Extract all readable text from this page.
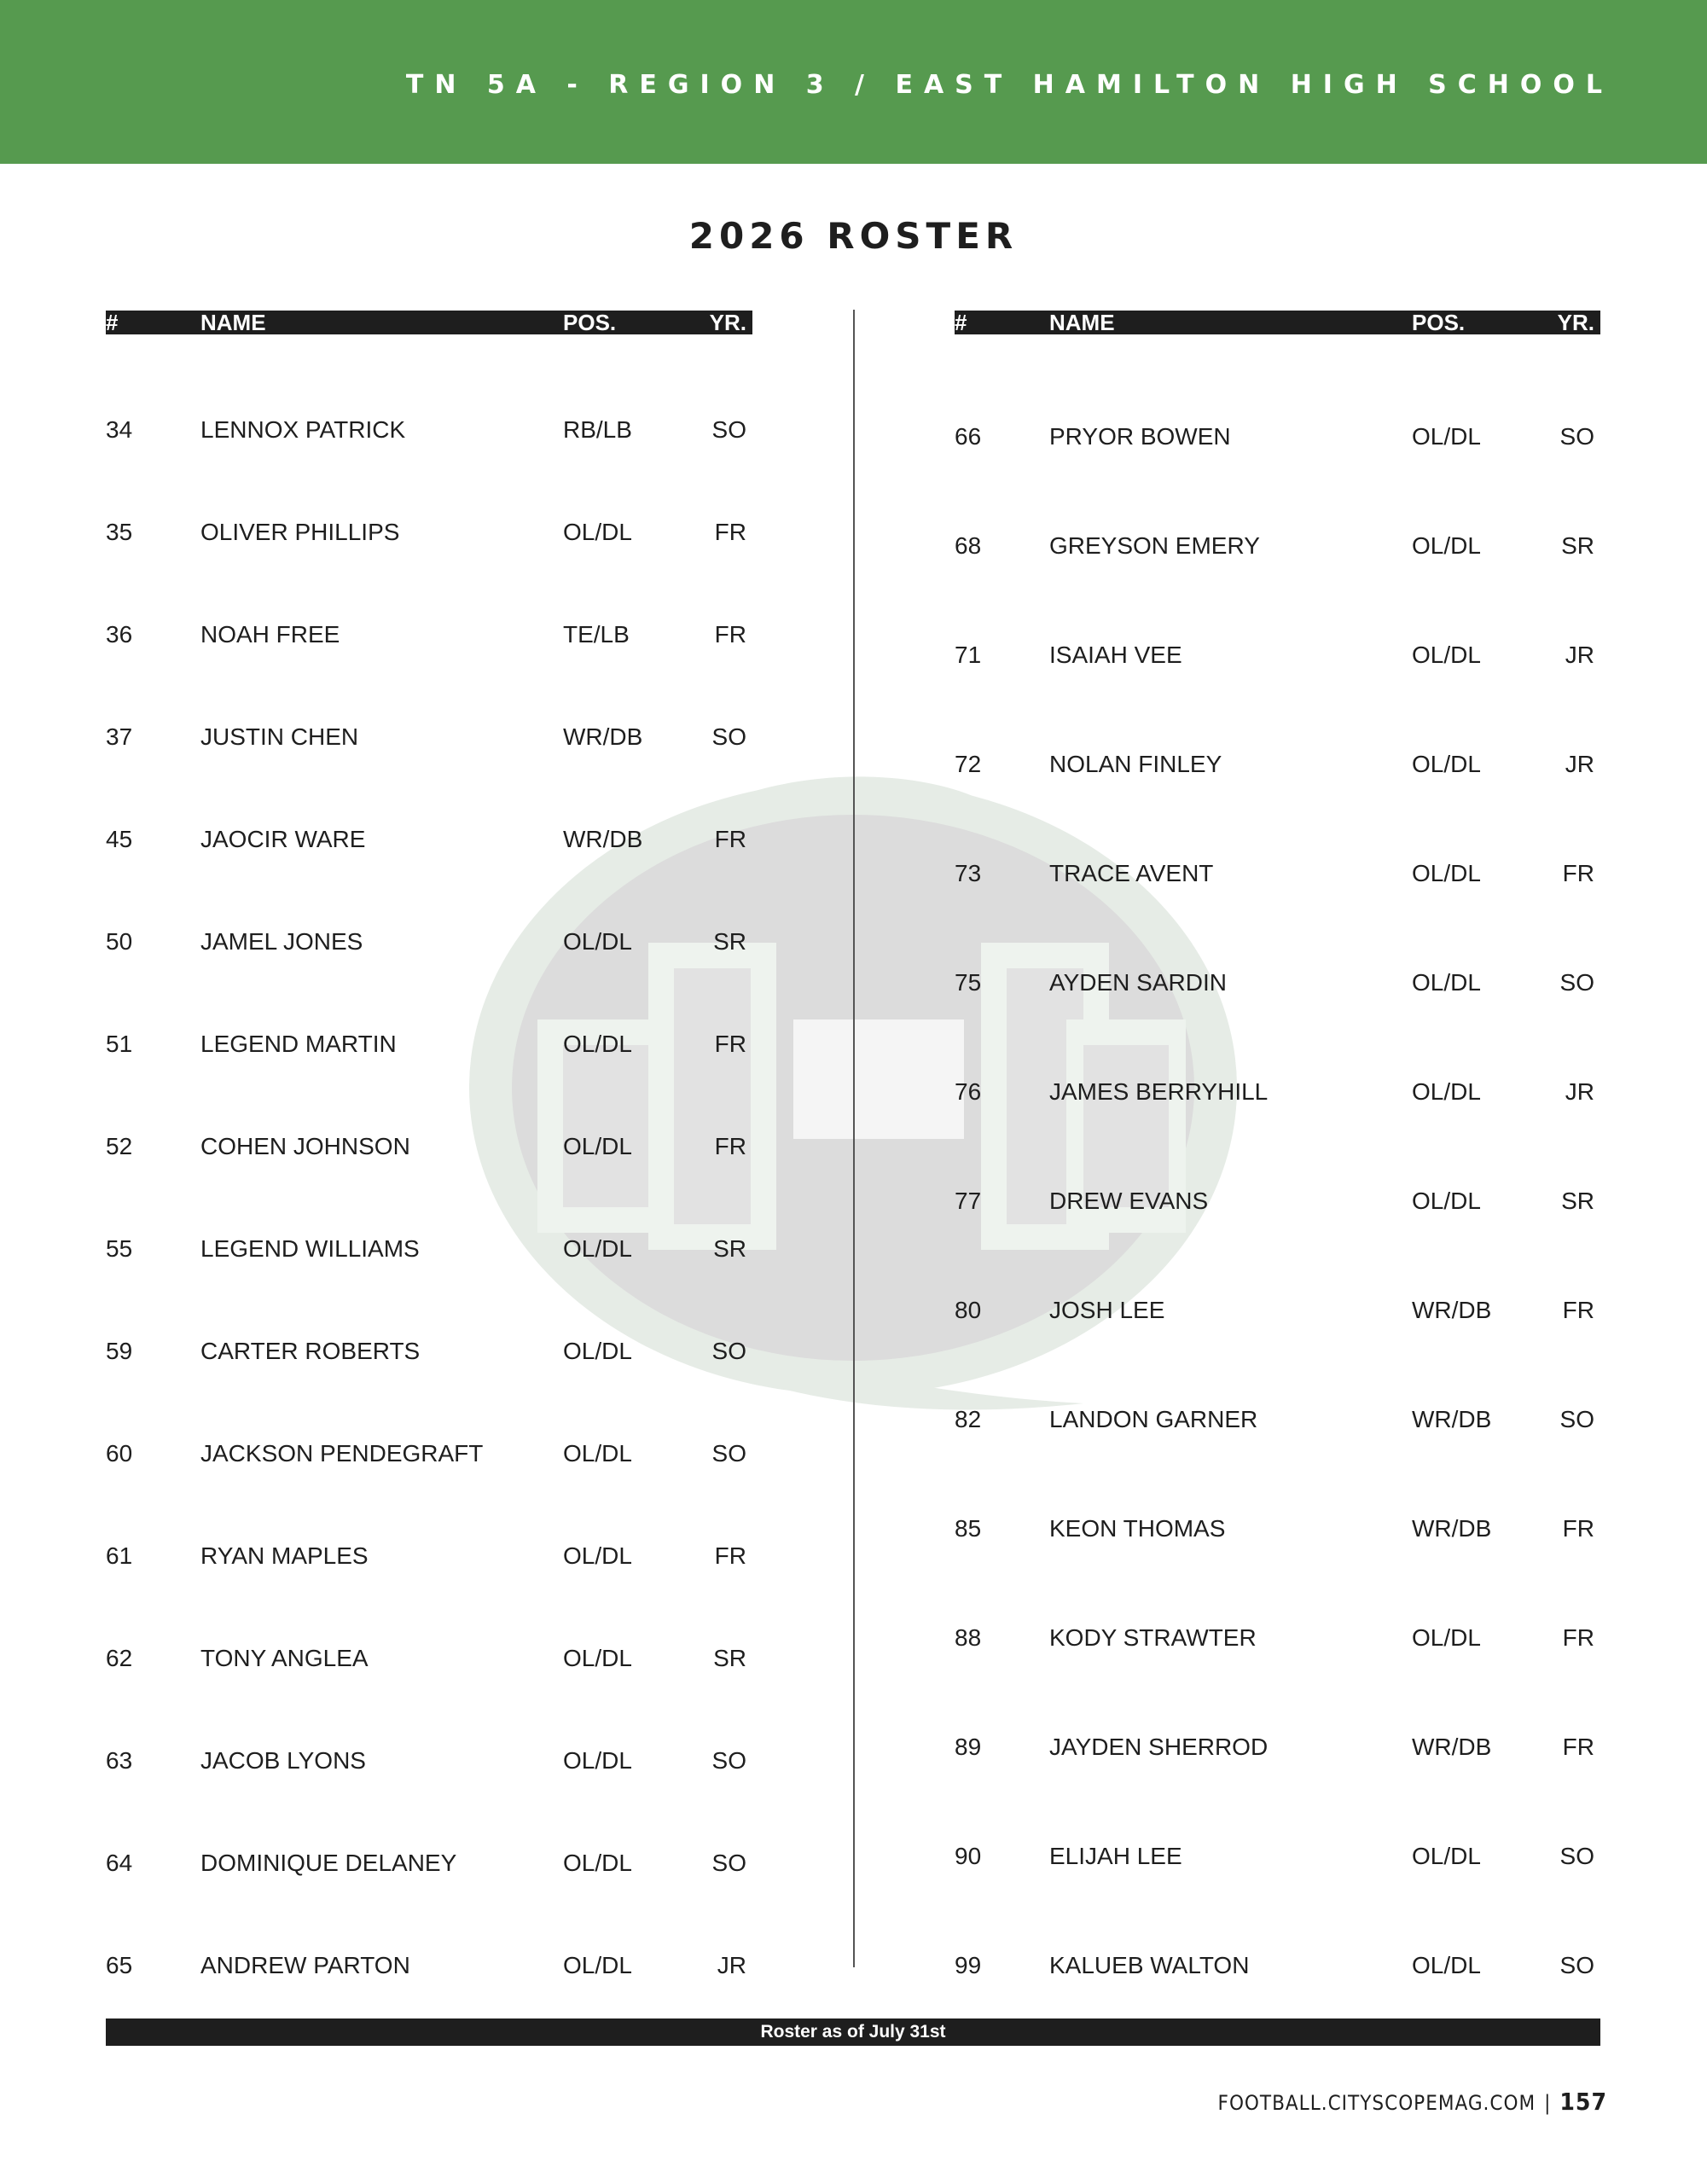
TN 5A - REGION 3 / EAST HAMILTON HIGH SCHOOL
2026 ROSTER
#	NAME	POS.	YR.
34	LENNOX PATRICK	RB/LB	SO
35	OLIVER PHILLIPS	OL/DL	FR
36	NOAH FREE	TE/LB	FR
37	JUSTIN CHEN	WR/DB	SO
45	JAOCIR WARE	WR/DB	FR
50	JAMEL JONES	OL/DL	SR
51	LEGEND MARTIN	OL/DL	FR
52	COHEN JOHNSON	OL/DL	FR
55	LEGEND WILLIAMS	OL/DL	SR
59	CARTER ROBERTS	OL/DL	SO
60	JACKSON PENDEGRAFT	OL/DL	SO
61	RYAN MAPLES	OL/DL	FR
62	TONY ANGLEA	OL/DL	SR
63	JACOB LYONS	OL/DL	SO
64	DOMINIQUE DELANEY	OL/DL	SO
65	ANDREW PARTON	OL/DL	JR
#	NAME	POS.	YR.
66	PRYOR BOWEN	OL/DL	SO
68	GREYSON EMERY	OL/DL	SR
71	ISAIAH VEE	OL/DL	JR
72	NOLAN FINLEY	OL/DL	JR
73	TRACE AVENT	OL/DL	FR
75	AYDEN SARDIN	OL/DL	SO
76	JAMES BERRYHILL	OL/DL	JR
77	DREW EVANS	OL/DL	SR
80	JOSH LEE	WR/DB	FR
82	LANDON GARNER	WR/DB	SO
85	KEON THOMAS	WR/DB	FR
88	KODY STRAWTER	OL/DL	FR
89	JAYDEN SHERROD	WR/DB	FR
90	ELIJAH LEE	OL/DL	SO
99	KALUEB WALTON	OL/DL	SO
Roster as of July 31st
FOOTBALL.CITYSCOPEMAG.COM | 157
